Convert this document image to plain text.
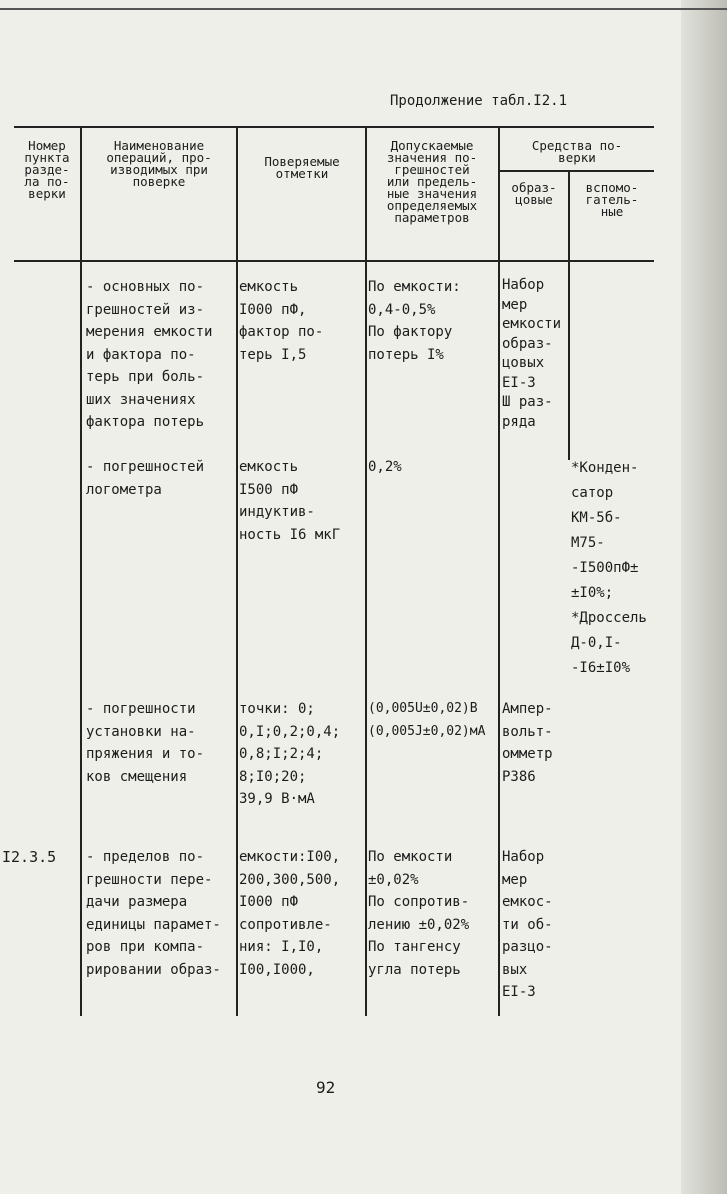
Продолжение табл.I2.1
Номер
пункта
разде-
ла по-
верки
Наименование
операций, про-
изводимых при
поверке
Поверяемые
отметки
Допускаемые
значения по-
грешностей
или предель-
ные значения
определяемых
параметров
Средства по-
верки
образ-
цовые
вспомо-
гатель-
ные
- основных по-
грешностей из-
мерения емкости
и фактора по-
терь при боль-
ших значениях
фактора потерь
емкость
I000 пФ,
фактор по-
терь I,5
По емкости:
0,4-0,5%
По фактору
потерь I%
Набор
мер
емкости
образ-
цовых
ЕI-3
Ш раз-
ряда
- погрешностей
логометра
емкость
I500 пФ
индуктив-
ность I6 мкГ
0,2%	*Конден-
сатор
КМ-5б-
М75-
-I500пФ±
±I0%;
*Дроссель
Д-0,I-
-I6±I0%
- погрешности
установки на-
пряжения и то-
ков смещения
точки: 0;
0,I;0,2;0,4;
0,8;I;2;4;
8;I0;20;
39,9 В·мА
(0,005U±0,02)В
(0,005J±0,02)мА
Ампер-
вольт-
омметр
Р386
I2.3.5	- пределов по-
грешности пере-
дачи размера
единицы парамет-
ров при компа-
рировании образ-
емкости:I00,
200,300,500,
I000 пФ
сопротивле-
ния: I,I0,
I00,I000,
По емкости
±0,02%
По сопротив-
лению ±0,02%
По тангенсу
угла потерь
Набор
мер
емкос-
ти об-
разцо-
вых
ЕI-3
92
